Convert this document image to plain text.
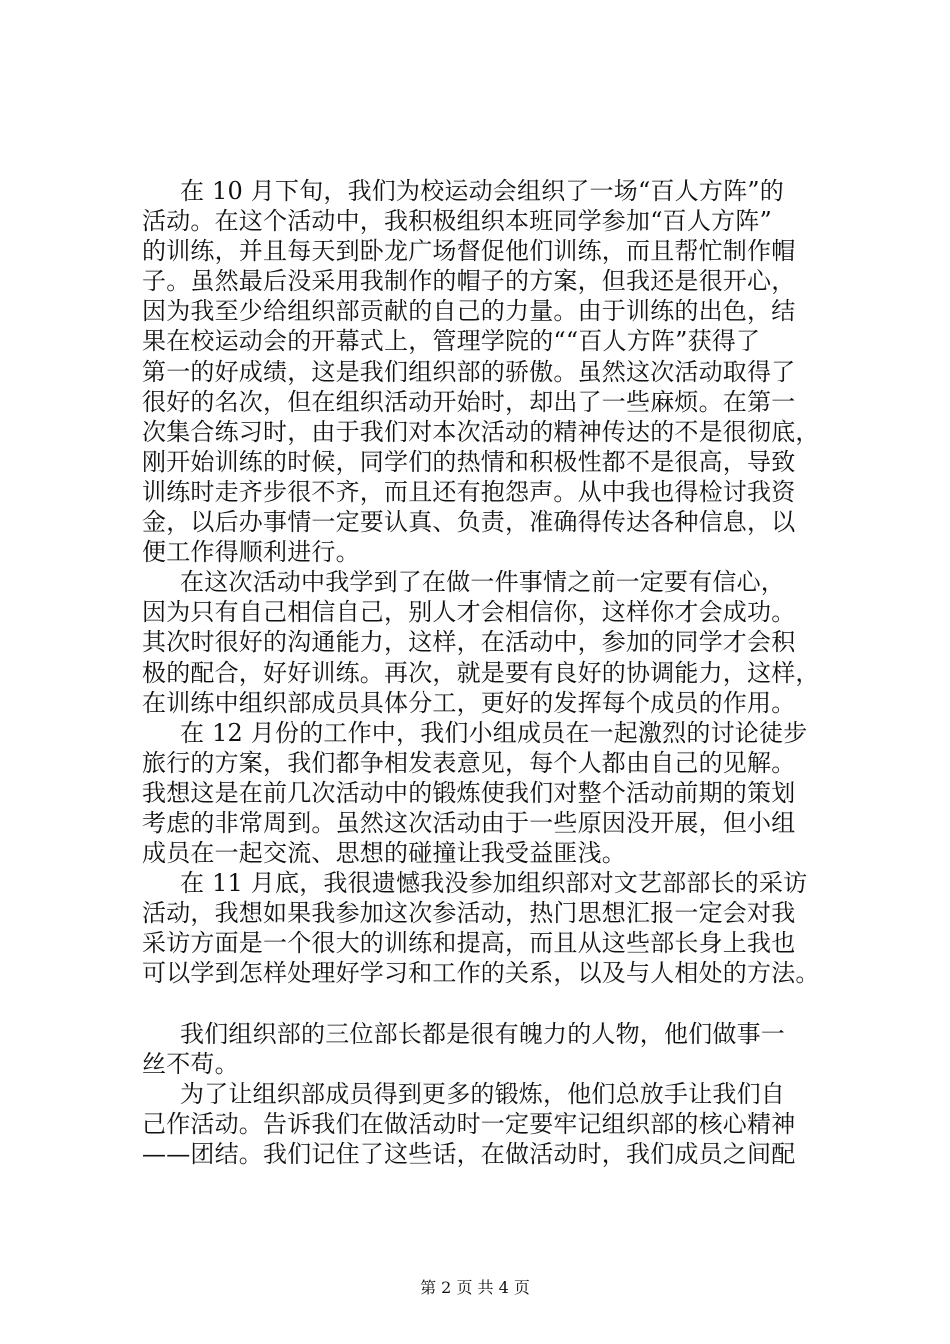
在 10 月下旬，我们为校运动会组织了一场“百人方阵”的
活动。在这个活动中，我积极组织本班同学参加“百人方阵”
的训练，并且每天到卧龙广场督促他们训练，而且帮忙制作帽
子。虽然最后没采用我制作的帽子的方案，但我还是很开心，
因为我至少给组织部贡献的自己的力量。由于训练的出色，结
果在校运动会的开幕式上，管理学院的““百人方阵”获得了
第一的好成绩，这是我们组织部的骄傲。虽然这次活动取得了
很好的名次，但在组织活动开始时，却出了一些麻烦。在第一
次集合练习时，由于我们对本次活动的精神传达的不是很彻底，
刚开始训练的时候，同学们的热情和积极性都不是很高，导致
训练时走齐步很不齐，而且还有抱怨声。从中我也得检讨我资
金，以后办事情一定要认真、负责，准确得传达各种信息，以
便工作得顺利进行。
在这次活动中我学到了在做一件事情之前一定要有信心，
因为只有自己相信自己，别人才会相信你，这样你才会成功。
其次时很好的沟通能力，这样，在活动中，参加的同学才会积
极的配合，好好训练。再次，就是要有良好的协调能力，这样，
在训练中组织部成员具体分工，更好的发挥每个成员的作用。
在 12 月份的工作中，我们小组成员在一起激烈的讨论徒步
旅行的方案，我们都争相发表意见，每个人都由自己的见解。
我想这是在前几次活动中的锻炼使我们对整个活动前期的策划
考虑的非常周到。虽然这次活动由于一些原因没开展，但小组
成员在一起交流、思想的碰撞让我受益匪浅。
在 11 月底，我很遗憾我没参加组织部对文艺部部长的采访
活动，我想如果我参加这次参活动，热门思想汇报一定会对我
采访方面是一个很大的训练和提高，而且从这些部长身上我也
可以学到怎样处理好学习和工作的关系，以及与人相处的方法。
我们组织部的三位部长都是很有魄力的人物，他们做事一
丝不苟。
为了让组织部成员得到更多的锻炼，他们总放手让我们自
己作活动。告诉我们在做活动时一定要牢记组织部的核心精神
——团结。我们记住了这些话，在做活动时，我们成员之间配
第 2 页 共 4 页
